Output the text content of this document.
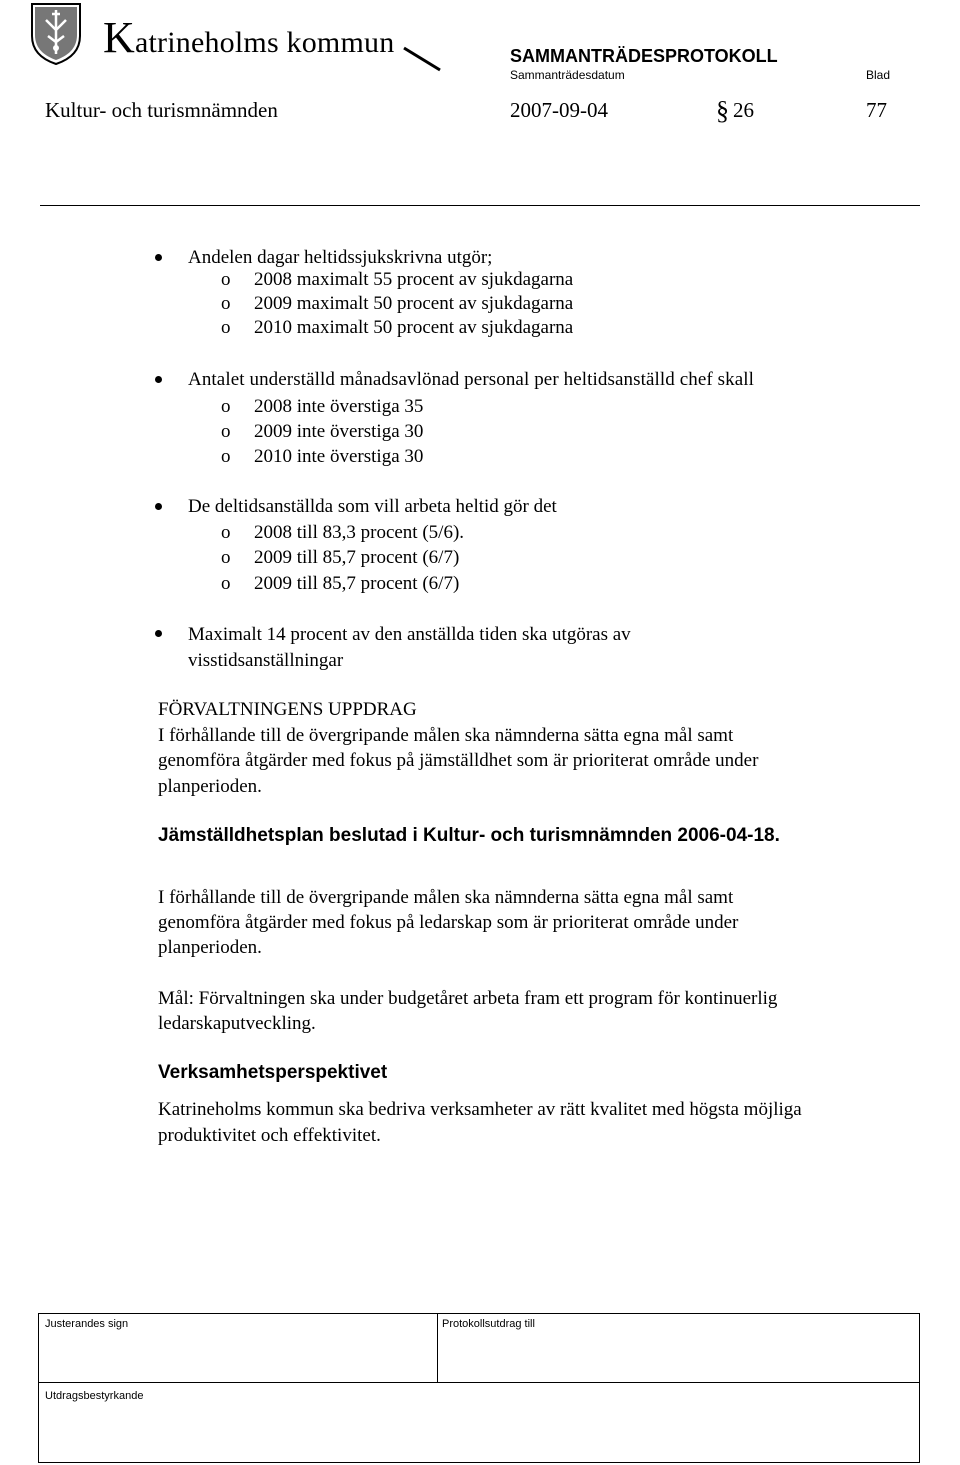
Katrineholms kommun	SAMMANTRÄDESPROTOKOLL
Sammanträdesdatum	Blad
Kultur- och turismnämnden	2007-09-04	§ 26	77
Andelen dagar heltidssjukskrivna utgör;
o 2008 maximalt 55 procent av sjukdagarna
o 2009 maximalt 50 procent av sjukdagarna
o 2010 maximalt 50 procent av sjukdagarna
Antalet underställd månadsavlönad personal per heltidsanställd chef skall
o 2008 inte överstiga 35
o 2009 inte överstiga 30
o 2010 inte överstiga 30
De deltidsanställda som vill arbeta heltid gör det
o 2008 till 83,3 procent (5/6).
o 2009 till 85,7 procent (6/7)
o 2009 till 85,7 procent (6/7)
Maximalt 14 procent av den anställda tiden ska utgöras av
visstidsanställningar
FÖRVALTNINGENS UPPDRAG
I förhållande till de övergripande målen ska nämnderna sätta egna mål samt
genomföra åtgärder med fokus på jämställdhet som är prioriterat område under
planperioden.
Jämställdhetsplan beslutad i Kultur- och turismnämnden 2006-04-18.
I förhållande till de övergripande målen ska nämnderna sätta egna mål samt
genomföra åtgärder med fokus på ledarskap som är prioriterat område under
planperioden.
Mål: Förvaltningen ska under budgetåret arbeta fram ett program för kontinuerlig
ledarskaputveckling.
Verksamhetsperspektivet
Katrineholms kommun ska bedriva verksamheter av rätt kvalitet med högsta möjliga
produktivitet och effektivitet.
Justerandes sign	Protokollsutdrag till
Utdragsbestyrkande
